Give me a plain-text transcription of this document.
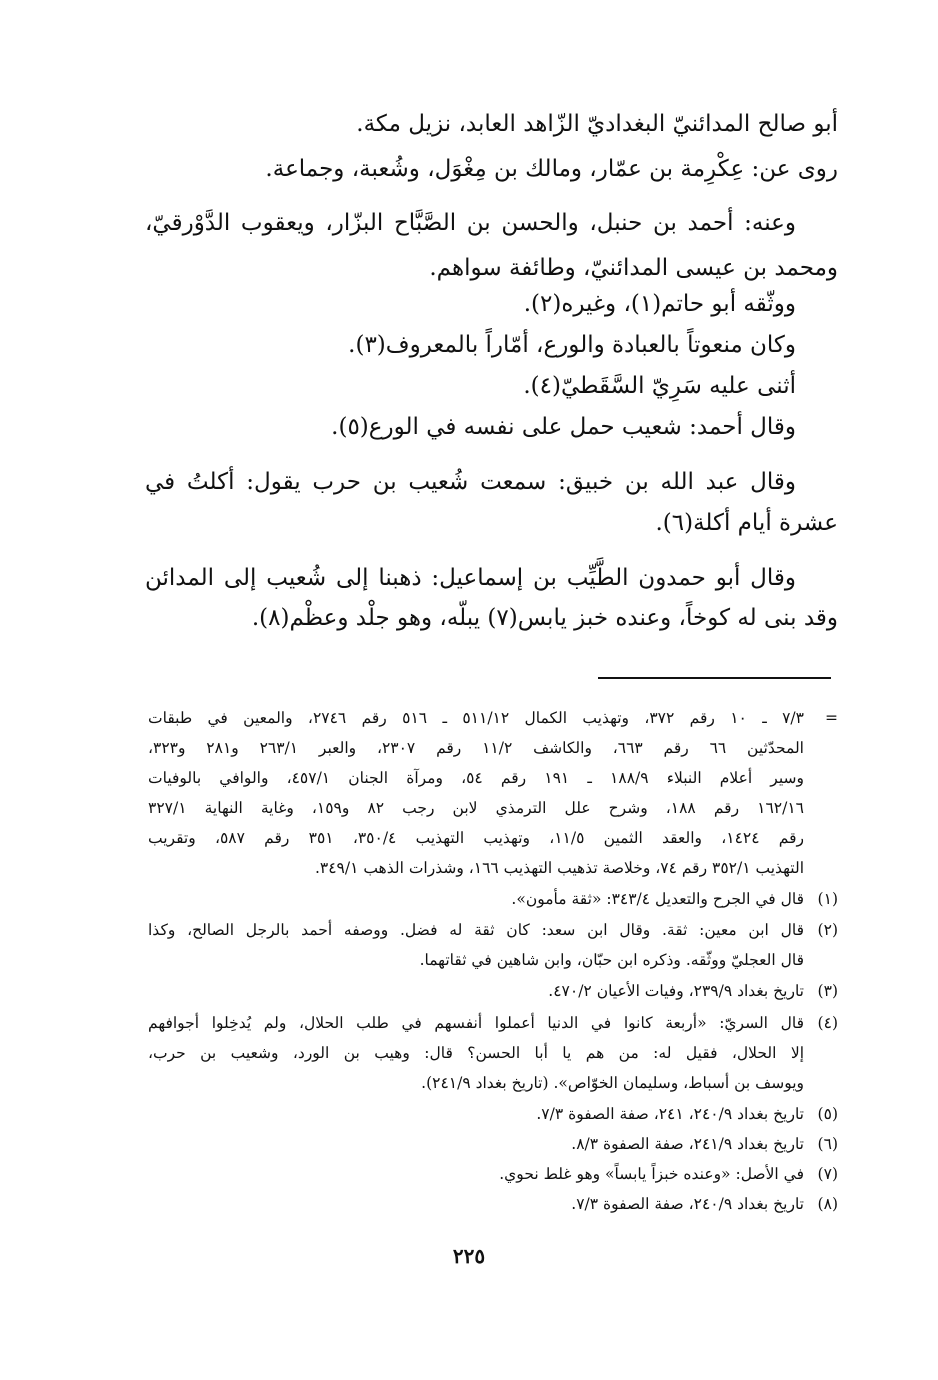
أبو صالح المدائنيّ البغداديّ الزّاهد العابد، نزيل مكة.
روى عن: عِكْرِمة بن عمّار، ومالك بن مِغْوَل، وشُعبة، وجماعة.
وعنه: أحمد بن حنبل، والحسن بن الصَّبَّاح البزّار، ويعقوب الدَّوْرقيّ،
ومحمد بن عيسى المدائنيّ، وطائفة سواهم.
ووثّقه أبو حاتم(١)، وغيره(٢).
وكان منعوتاً بالعبادة والورع، أمّاراً بالمعروف(٣).
أثنى عليه سَرِيّ السَّقَطيّ(٤).
وقال أحمد: شعيب حمل على نفسه في الورع(٥).
وقال عبد الله بن خبيق: سمعت شُعيب بن حرب يقول: أكلتُ في
عشرة أيام أكلة(٦).
وقال أبو حمدون الطَّيِّب بن إسماعيل: ذهبنا إلى شُعيب إلى المدائن
وقد بنى له كوخاً، وعنده خبز يابس(٧) يبلّه، وهو جلْد وعظْم(٨).
=
٧/٣ ـ ١٠ رقم ٣٧٢، وتهذيب الكمال ٥١١/١٢ ـ ٥١٦ رقم ٢٧٤٦، والمعين في طبقات
المحدّثين ٦٦ رقم ٦٦٣، والكاشف ١١/٢ رقم ٢٣٠٧، والعبر ٢٦٣/١ و٢٨١ و٣٢٣،
وسير أعلام النبلاء ١٨٨/٩ ـ ١٩١ رقم ٥٤، ومرآة الجنان ٤٥٧/١، والوافي بالوفيات
١٦٢/١٦ رقم ١٨٨، وشرح علل الترمذي لابن رجب ٨٢ و١٥٩، وغاية النهاية ٣٢٧/١
رقم ١٤٢٤، والعقد الثمين ١١/٥، وتهذيب التهذيب ٣٥٠/٤، ٣٥١ رقم ٥٨٧، وتقريب
التهذيب ٣٥٢/١ رقم ٧٤، وخلاصة تذهيب التهذيب ١٦٦، وشذرات الذهب ٣٤٩/١.
(١)
قال في الجرح والتعديل ٣٤٣/٤: «ثقة مأمون».
(٢)
قال ابن معين: ثقة. وقال ابن سعد: كان ثقة له فضل. ووصفه أحمد بالرجل الصالح، وكذا
قال العجليّ ووثّقه. وذكره ابن حبّان، وابن شاهين في ثقاتهما.
(٣)
تاريخ بغداد ٢٣٩/٩، وفيات الأعيان ٤٧٠/٢.
(٤)
قال السريّ: «أربعة كانوا في الدنيا أعملوا أنفسهم في طلب الحلال، ولم يُدخِلوا أجوافهم
إلا الحلال، فقيل له: من هم يا أبا الحسن؟ قال: وهيب بن الورد، وشعيب بن حرب،
ويوسف بن أسباط، وسليمان الخوّاص». (تاريخ بغداد ٢٤١/٩).
(٥)
تاريخ بغداد ٢٤٠/٩، ٢٤١، صفة الصفوة ٧/٣.
(٦)
تاريخ بغداد ٢٤١/٩، صفة الصفوة ٨/٣.
(٧)
في الأصل: «وعنده خبزاً يابساً» وهو غلط نحوي.
(٨)
تاريخ بغداد ٢٤٠/٩، صفة الصفوة ٧/٣.
٢٢٥
